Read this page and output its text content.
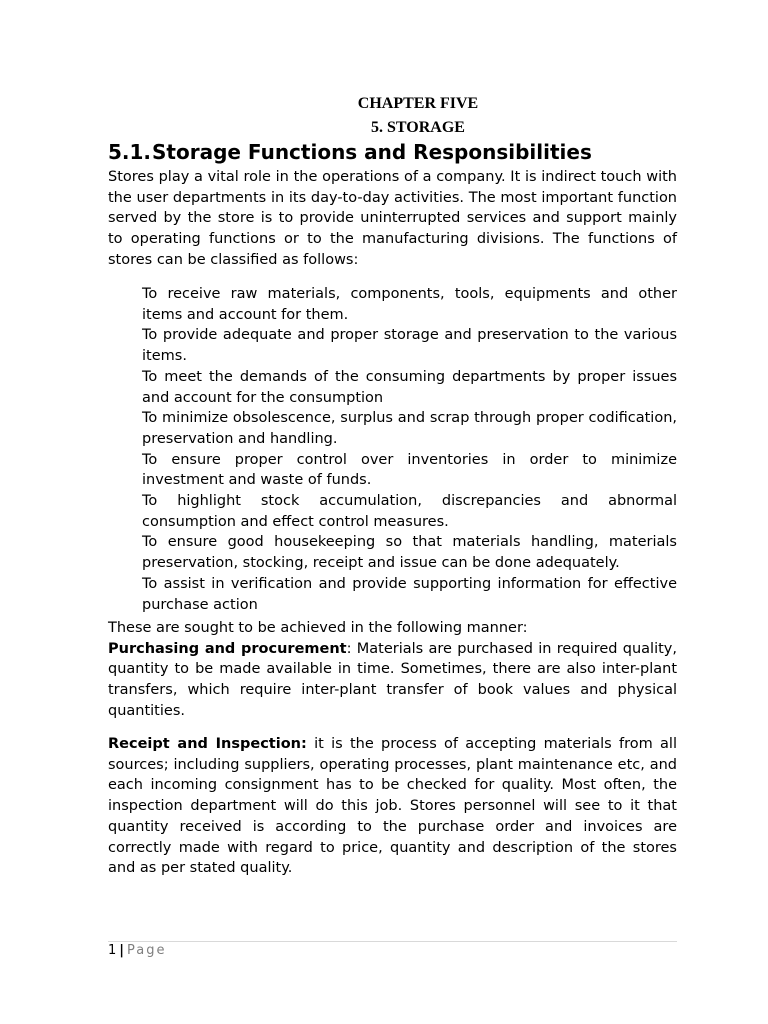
CHAPTER FIVE
5. STORAGE
5.1.Storage Functions and Responsibilities

Stores play a vital role in the operations of a company. It is indirect touch with the user departments in its day-to-day activities. The most important function served by the store is to provide uninterrupted services and support mainly to operating functions or to the manufacturing divisions. The functions of stores can be classified as follows:

To receive raw materials, components, tools, equipments and other items and account for them.
To provide adequate and proper storage and preservation to the various items.
To meet the demands of the consuming departments by proper issues and account for the consumption
To minimize obsolescence, surplus and scrap through proper codification, preservation and handling.
To ensure proper control over inventories in order to minimize investment and waste of funds.
To highlight stock accumulation, discrepancies and abnormal consumption and effect control measures.
To ensure good housekeeping so that materials handling, materials preservation, stocking, receipt and issue can be done adequately.
To assist in verification and provide supporting information for effective purchase action

These are sought to be achieved in the following manner:

Purchasing and procurement: Materials are purchased in required quality, quantity to be made available in time. Sometimes, there are also inter-plant transfers, which require inter-plant transfer of book values and physical quantities.

Receipt and Inspection: it is the process of accepting materials from all sources; including suppliers, operating processes, plant maintenance etc, and each incoming consignment has to be checked for quality. Most often, the inspection department will do this job. Stores personnel will see to it that quantity received is according to the purchase order and invoices are correctly made with regard to price, quantity and description of the stores and as per stated quality.

1 | Page
